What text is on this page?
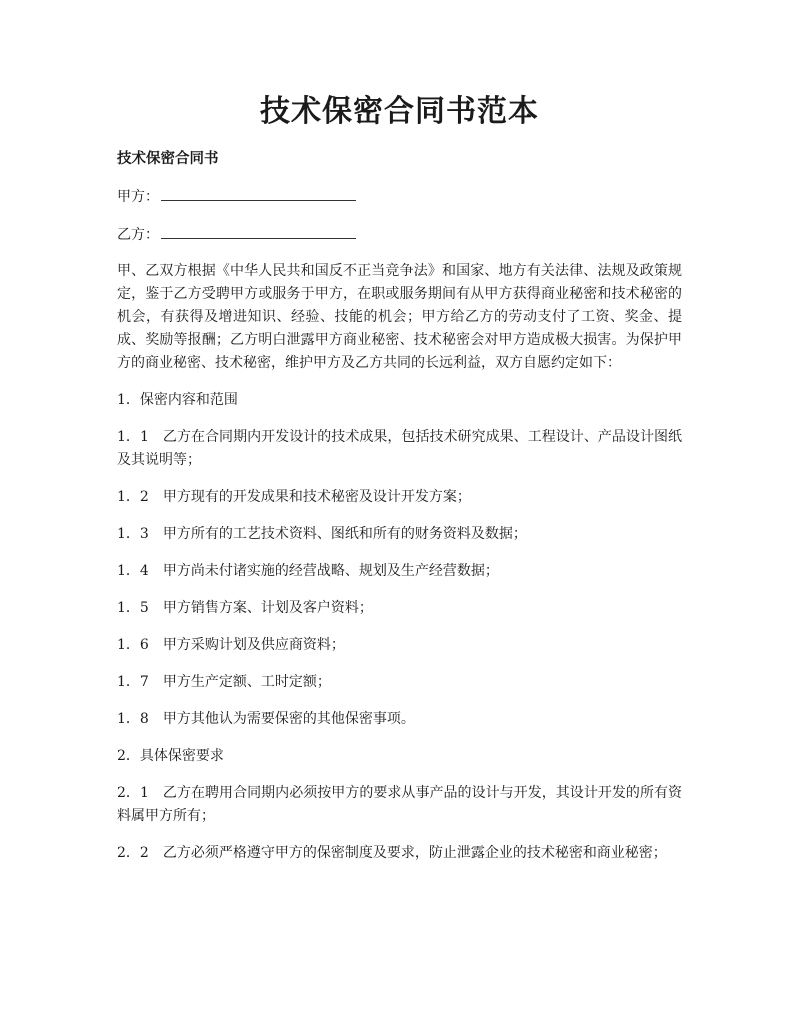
技术保密合同书范本
技术保密合同书
甲方：
乙方：

甲、乙双方根据《中华人民共和国反不正当竞争法》和国家、地方有关法律、法规及政策规定，鉴于乙方受聘甲方或服务于甲方，在职或服务期间有从甲方获得商业秘密和技术秘密的机会，有获得及增进知识、经验、技能的机会；甲方给乙方的劳动支付了工资、奖金、提成、奖励等报酬；乙方明白泄露甲方商业秘密、技术秘密会对甲方造成极大损害。为保护甲方的商业秘密、技术秘密，维护甲方及乙方共同的长远利益，双方自愿约定如下：

1．保密内容和范围

1．1　乙方在合同期内开发设计的技术成果，包括技术研究成果、工程设计、产品设计图纸及其说明等；

1．2　甲方现有的开发成果和技术秘密及设计开发方案；

1．3　甲方所有的工艺技术资料、图纸和所有的财务资料及数据；

1．4　甲方尚未付诸实施的经营战略、规划及生产经营数据；

1．5　甲方销售方案、计划及客户资料；

1．6　甲方采购计划及供应商资料；

1．7　甲方生产定额、工时定额；

1．8　甲方其他认为需要保密的其他保密事项。

2．具体保密要求

2．1　乙方在聘用合同期内必须按甲方的要求从事产品的设计与开发，其设计开发的所有资料属甲方所有；

2．2　乙方必须严格遵守甲方的保密制度及要求，防止泄露企业的技术秘密和商业秘密；
